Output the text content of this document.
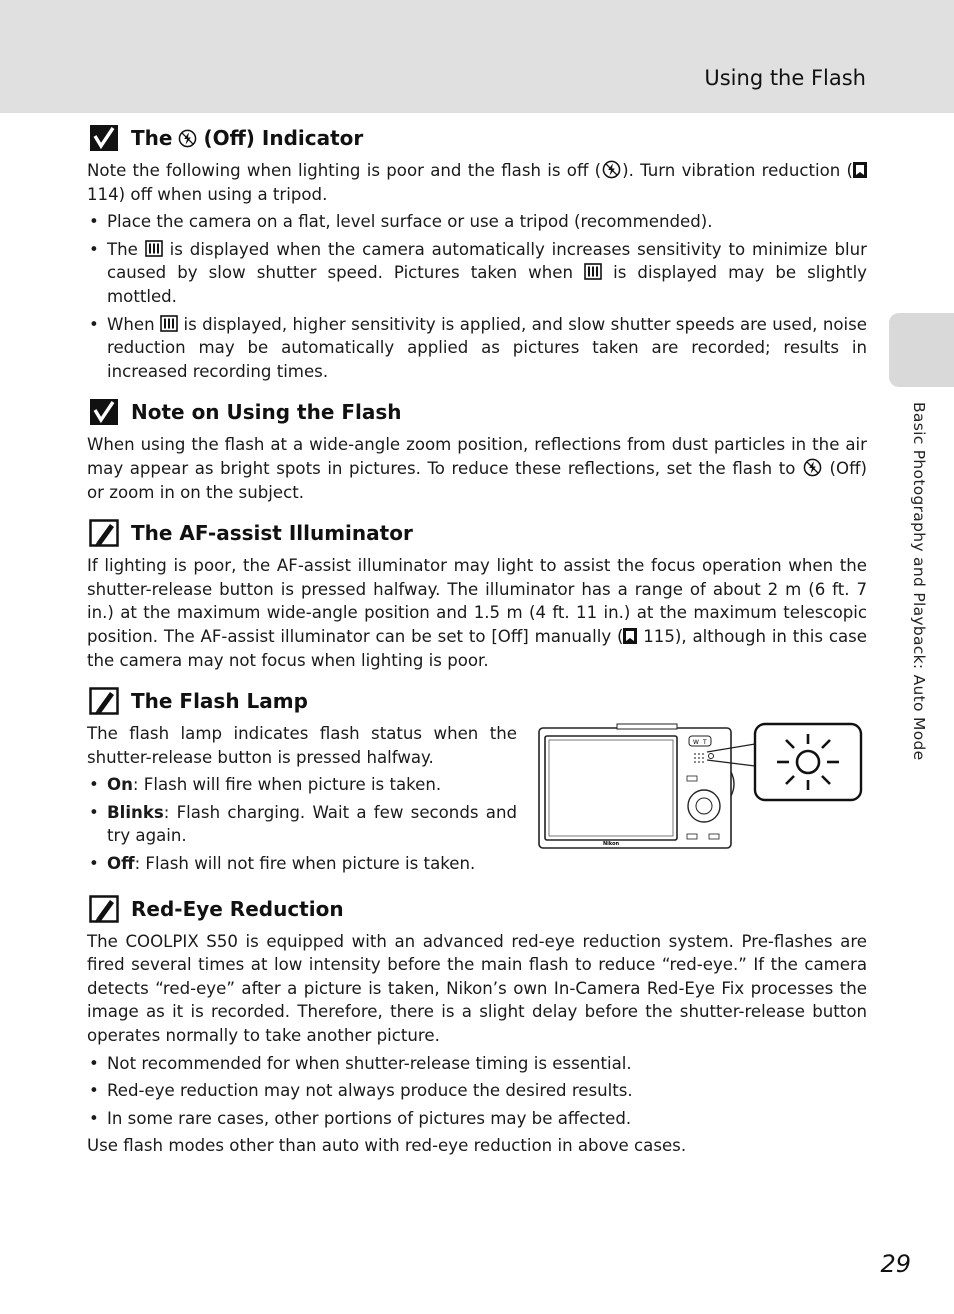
Using the Flash
Basic Photography and Playback: Auto Mode
The (Off) Indicator

Note the following when lighting is poor and the flash is off ( ). Turn vibration reduction ( 114) off when using a tripod.

• Place the camera on a flat, level surface or use a tripod (recommended).
• The is displayed when the camera automatically increases sensitivity to minimize blur caused by slow shutter speed. Pictures taken when is displayed may be slightly mottled.
• When is displayed, higher sensitivity is applied, and slow shutter speeds are used, noise reduction may be automatically applied as pictures taken are recorded; results in increased recording times.
Note on Using the Flash

When using the flash at a wide-angle zoom position, reflections from dust particles in the air may appear as bright spots in pictures. To reduce these reflections, set the flash to (Off) or zoom in on the subject.

The AF-assist Illuminator

If lighting is poor, the AF-assist illuminator may light to assist the focus operation when the shutter-release button is pressed halfway. The illuminator has a range of about 2 m (6 ft. 7 in.) at the maximum wide-angle position and 1.5 m (4 ft. 11 in.) at the maximum telescopic position. The AF-assist illuminator can be set to [Off] manually ( 115), although in this case the camera may not focus when lighting is poor.

The Flash Lamp

The flash lamp indicates flash status when the shutter-release button is pressed halfway.

• On: Flash will fire when picture is taken.
• Blinks: Flash charging. Wait a few seconds and try again.
• Off: Flash will not fire when picture is taken.
W T
Nikon
Red-Eye Reduction

The COOLPIX S50 is equipped with an advanced red-eye reduction system. Pre-flashes are fired several times at low intensity before the main flash to reduce “red-eye.” If the camera detects “red-eye” after a picture is taken, Nikon’s own In-Camera Red-Eye Fix processes the image as it is recorded. Therefore, there is a slight delay before the shutter-release button operates normally to take another picture.

• Not recommended for when shutter-release timing is essential.
• Red-eye reduction may not always produce the desired results.
• In some rare cases, other portions of pictures may be affected.

Use flash modes other than auto with red-eye reduction in above cases.

29
